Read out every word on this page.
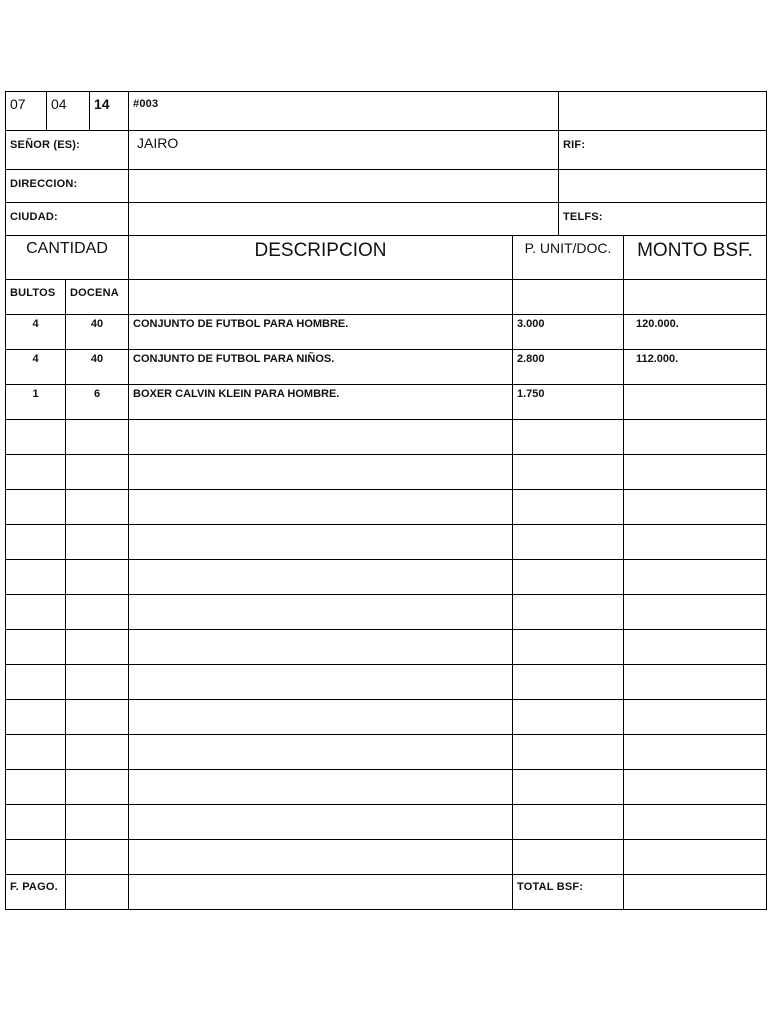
07	04	14	#003
SEÑOR (ES):	JAIRO	RIF:
DIRECCION:
CIUDAD:	TELFS:
CANTIDAD	DESCRIPCION	P. UNIT/DOC.	MONTO BSF.
BULTOS	DOCENA
4	40	CONJUNTO DE FUTBOL PARA HOMBRE.	3.000	120.000.
4	40	CONJUNTO DE FUTBOL PARA NIÑOS.	2.800	112.000.
1	6	BOXER CALVIN KLEIN PARA HOMBRE.	1.750
F. PAGO.	TOTAL BSF:
